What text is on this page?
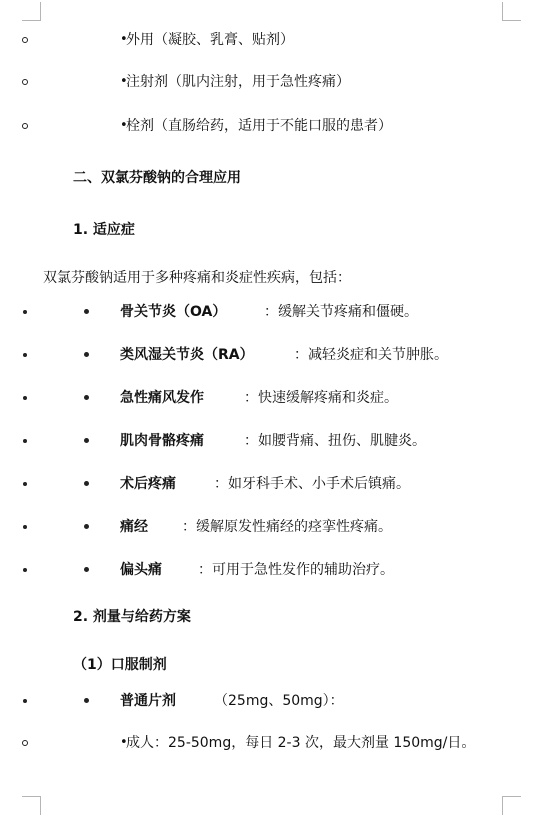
•
外用（凝胶、乳膏、贴剂）
•
注射剂（肌内注射，用于急性疼痛）
•
栓剂（直肠给药，适用于不能口服的患者）
二、双氯芬酸钠的合理应用
1. 适应症
双氯芬酸钠适用于多种疼痛和炎症性疾病，包括：
骨关节炎（OA）	：缓解关节疼痛和僵硬。
类风湿关节炎（RA）	：减轻炎症和关节肿胀。
急性痛风发作	：快速缓解疼痛和炎症。
肌肉骨骼疼痛	：如腰背痛、扭伤、肌腱炎。
术后疼痛	：如牙科手术、小手术后镇痛。
痛经 ：缓解原发性痛经的痉挛性疼痛。
偏头痛	：可用于急性发作的辅助治疗。
2. 剂量与给药方案
（1）口服制剂
普通片剂	（25mg、50mg）：
•
成人：25-50mg，每日 2-3 次，最大剂量 150mg/日。
